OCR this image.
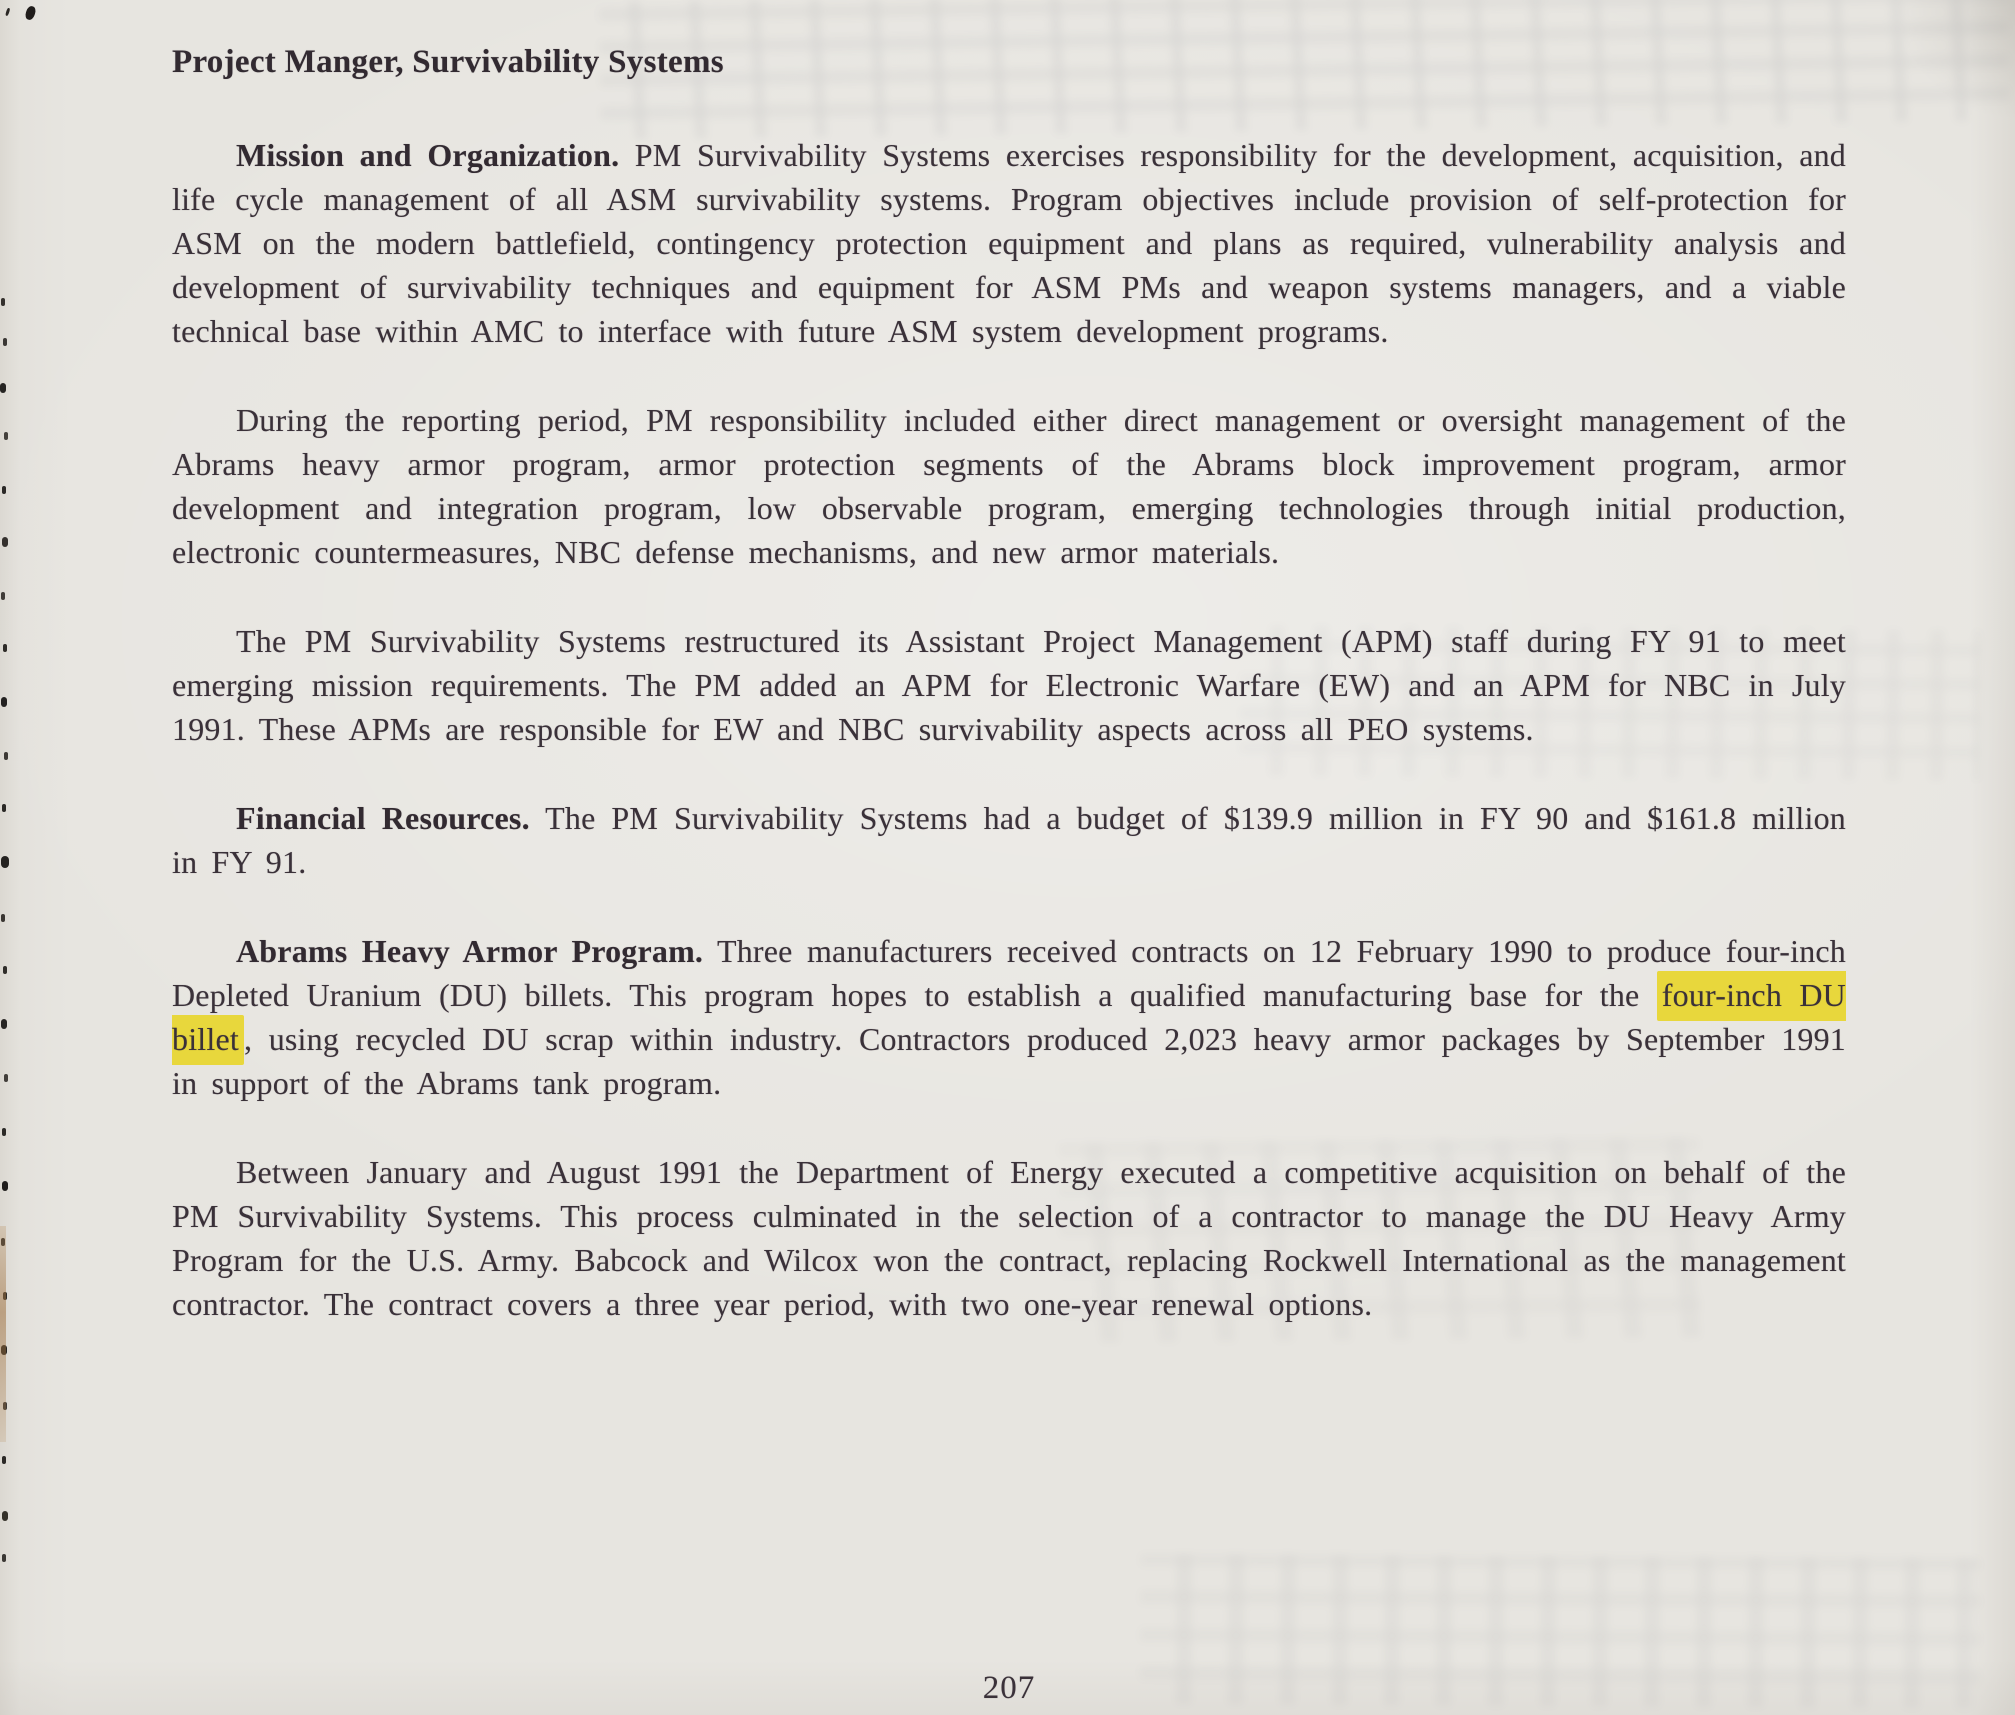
Project Manger, Survivability Systems

Mission and Organization. PM Survivability Systems exercises responsibility for the development, acquisition, and life cycle management of all ASM survivability systems. Program objectives include provision of self-protection for ASM on the modern battlefield, contingency protection equipment and plans as required, vulnerability analysis and development of survivability techniques and equipment for ASM PMs and weapon systems managers, and a viable technical base within AMC to interface with future ASM system development programs.

During the reporting period, PM responsibility included either direct management or oversight management of the Abrams heavy armor program, armor protection segments of the Abrams block improvement program, armor development and integration program, low observable program, emerging technologies through initial production, electronic countermeasures, NBC defense mechanisms, and new armor materials.

The PM Survivability Systems restructured its Assistant Project Management (APM) staff during FY 91 to meet emerging mission requirements. The PM added an APM for Electronic Warfare (EW) and an APM for NBC in July 1991. These APMs are responsible for EW and NBC survivability aspects across all PEO systems.

Financial Resources. The PM Survivability Systems had a budget of $139.9 million in FY 90 and $161.8 million in FY 91.

Abrams Heavy Armor Program. Three manufacturers received contracts on 12 February 1990 to produce four-inch Depleted Uranium (DU) billets. This program hopes to establish a qualified manufacturing base for the four-inch DU billet , using recycled DU scrap within industry. Contractors produced 2,023 heavy armor packages by September 1991 in support of the Abrams tank program.

Between January and August 1991 the Department of Energy executed a competitive acquisition on behalf of the PM Survivability Systems. This process culminated in the selection of a contractor to manage the DU Heavy Army Program for the U.S. Army. Babcock and Wilcox won the contract, replacing Rockwell International as the management contractor. The contract covers a three year period, with two one-year renewal options.

207
